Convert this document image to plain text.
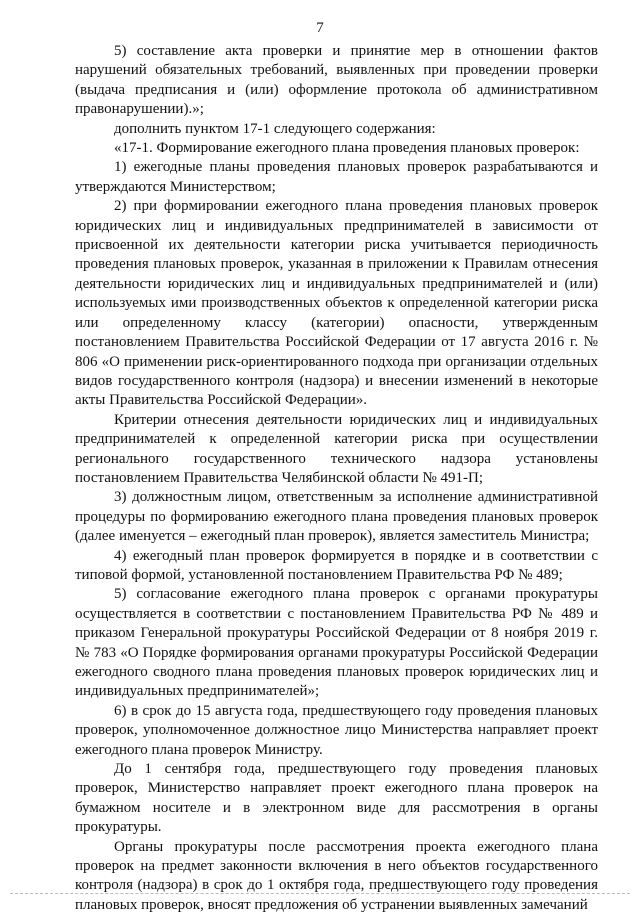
7

5) составление акта проверки и принятие мер в отношении фактов нарушений обязательных требований, выявленных при проведении проверки (выдача предписания и (или) оформление протокола об административном правонарушении).»;

дополнить пунктом 17-1 следующего содержания:

«17-1. Формирование ежегодного плана проведения плановых проверок:

1) ежегодные планы проведения плановых проверок разрабатываются и утверждаются Министерством;

2) при формировании ежегодного плана проведения плановых проверок юридических лиц и индивидуальных предпринимателей в зависимости от присвоенной их деятельности категории риска учитывается периодичность проведения плановых проверок, указанная в приложении к Правилам отнесения деятельности юридических лиц и индивидуальных предпринимателей и (или) используемых ими производственных объектов к определенной категории риска или определенному классу (категории) опасности, утвержденным постановлением Правительства Российской Федерации от 17 августа 2016 г. № 806 «О применении риск-ориентированного подхода при организации отдельных видов государственного контроля (надзора) и внесении изменений в некоторые акты Правительства Российской Федерации».

Критерии отнесения деятельности юридических лиц и индивидуальных предпринимателей к определенной категории риска при осуществлении регионального государственного технического надзора установлены постановлением Правительства Челябинской области № 491-П;

3) должностным лицом, ответственным за исполнение административной процедуры по формированию ежегодного плана проведения плановых проверок (далее именуется – ежегодный план проверок), является заместитель Министра;

4) ежегодный план проверок формируется в порядке и в соответствии с типовой формой, установленной постановлением Правительства РФ № 489;

5) согласование ежегодного плана проверок с органами прокуратуры осуществляется в соответствии с постановлением Правительства РФ № 489 и приказом Генеральной прокуратуры Российской Федерации от 8 ноября 2019 г. № 783 «О Порядке формирования органами прокуратуры Российской Федерации ежегодного сводного плана проведения плановых проверок юридических лиц и индивидуальных предпринимателей»;

6) в срок до 15 августа года, предшествующего году проведения плановых проверок, уполномоченное должностное лицо Министерства направляет проект ежегодного плана проверок Министру.

До 1 сентября года, предшествующего году проведения плановых проверок, Министерство направляет проект ежегодного плана проверок на бумажном носителе и в электронном виде для рассмотрения в органы прокуратуры.

Органы прокуратуры после рассмотрения проекта ежегодного плана проверок на предмет законности включения в него объектов государственного контроля (надзора) в срок до 1 октября года, предшествующего году проведения плановых проверок, вносят предложения об устранении выявленных замечаний
